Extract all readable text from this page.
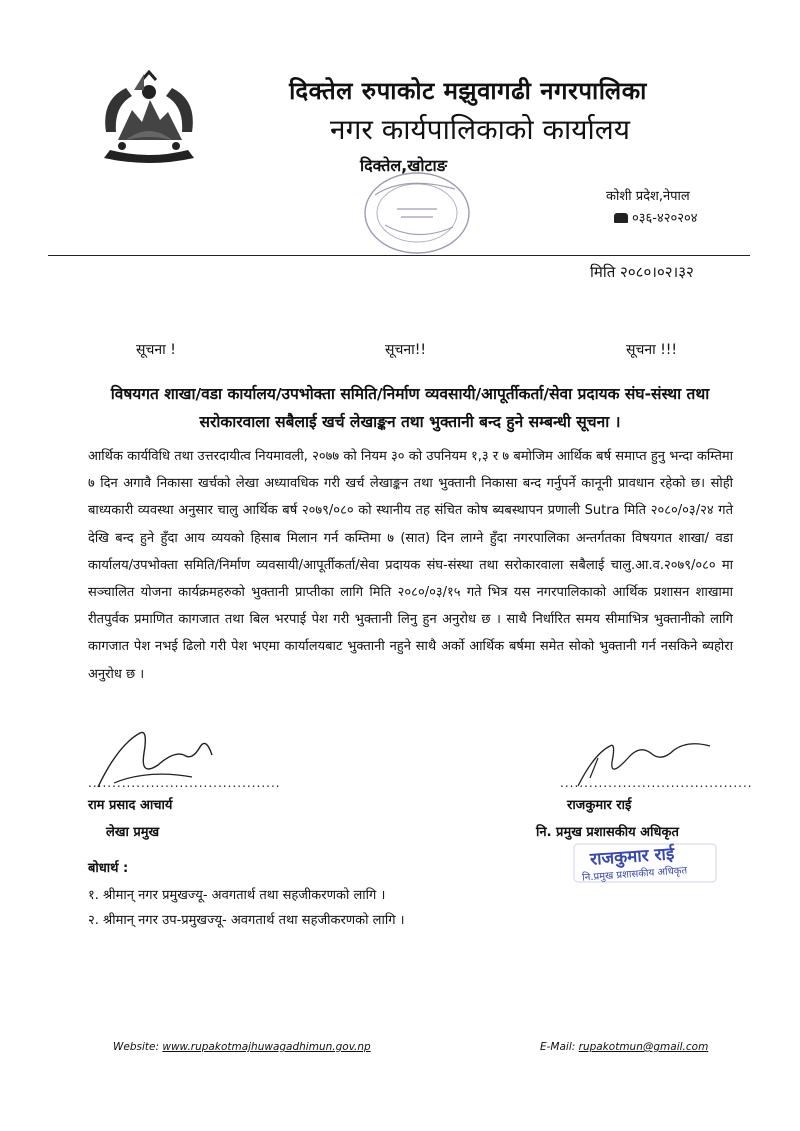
दिक्तेल रुपाकोट मझुवागढी नगरपालिका
नगर कार्यपालिकाको कार्यालय
दिक्तेल,खोटाङ
कोशी प्रदेश,नेपाल
०३६-४२०२०४
मिति २०८०।०२।३२
सूचना !	सूचना!!	सूचना !!!
विषयगत शाखा/वडा कार्यालय/उपभोक्ता समिति/निर्माण व्यवसायी/आपूर्तीकर्ता/सेवा प्रदायक संघ-संस्था तथा
सरोकारवाला सबैलाई खर्च लेखाङ्कन तथा भुक्तानी बन्द हुने सम्बन्धी सूचना ।
आर्थिक कार्यविधि तथा उत्तरदायीत्व नियमावली, २०७७ को नियम ३० को उपनियम १,३ र ७ बमोजिम आर्थिक बर्ष समाप्त हुनु भन्दा कम्तिमा ७ दिन अगावै निकासा खर्चको लेखा अध्यावधिक गरी खर्च लेखाङ्कन तथा भुक्तानी निकासा बन्द गर्नुपर्ने कानूनी प्रावधान रहेको छ। सोही बाध्यकारी व्यवस्था अनुसार चालु आर्थिक बर्ष २०७९/०८० को स्थानीय तह संचित कोष ब्यबस्थापन प्रणाली Sutra मिति २०८०/०३/२४ गते देखि बन्द हुने हुँदा आय व्ययको हिसाब मिलान गर्न कम्तिमा ७ (सात) दिन लाग्ने हुँदा नगरपालिका अन्तर्गतका विषयगत शाखा/ वडा कार्यालय/उपभोक्ता समिति/निर्माण व्यवसायी/आपूर्तीकर्ता/सेवा प्रदायक संघ-संस्था तथा सरोकारवाला सबैलाई चालु.आ.व.२०७९/०८० मा सञ्चालित योजना कार्यक्रमहरुको भुक्तानी प्राप्तीका लागि मिति २०८०/०३/१५ गते भित्र यस नगरपालिकाको आर्थिक प्रशासन शाखामा रीतपुर्वक प्रमाणित कागजात तथा बिल भरपाई पेश गरी भुक्तानी लिनु हुन अनुरोध छ । साथै निर्धारित समय सीमाभित्र भुक्तानीको लागि कागजात पेश नभई ढिलो गरी पेश भएमा कार्यालयबाट भुक्तानी नहुने साथै अर्को आर्थिक बर्षमा समेत सोको भुक्तानी गर्न नसकिने ब्यहोरा अनुरोध छ ।
........................................	........................................
राम प्रसाद आचार्य
लेखा प्रमुख
राजकुमार राई
नि. प्रमुख प्रशासकीय अधिकृत
राजकुमार राई
नि.प्रमुख प्रशासकीय अधिकृत
बोधार्थ :
१. श्रीमान् नगर प्रमुखज्यू- अवगतार्थ तथा सहजीकरणको लागि ।
२. श्रीमान् नगर उप-प्रमुखज्यू- अवगतार्थ तथा सहजीकरणको लागि ।
Website: www.rupakotmajhuwagadhimun.gov.np	E-Mail: rupakotmun@gmail.com
